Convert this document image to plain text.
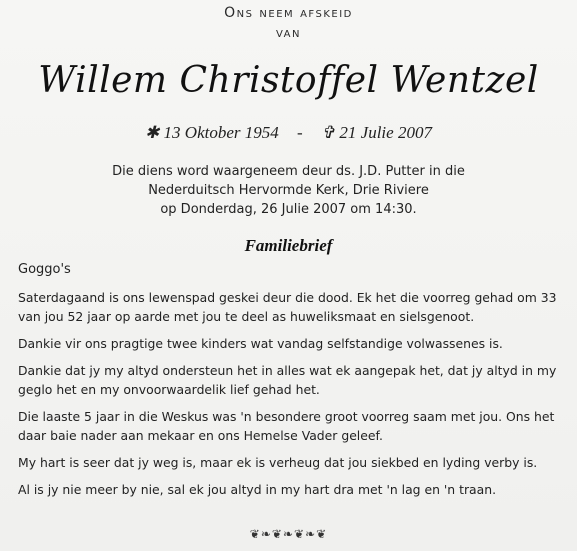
Ons neem afskeid
van
Willem Christoffel Wentzel
✱ 13 Oktober 1954 - ✞ 21 Julie 2007
Die diens word waargeneem deur ds. J.D. Putter in die
Nederduitsch Hervormde Kerk, Drie Riviere
op Donderdag, 26 Julie 2007 om 14:30.
Familiebrief
Goggo's

Saterdagaand is ons lewenspad geskei deur die dood. Ek het die voorreg gehad om 33 van jou 52 jaar op aarde met jou te deel as huweliksmaat en sielsgenoot.

Dankie vir ons pragtige twee kinders wat vandag selfstandige volwassenes is.

Dankie dat jy my altyd ondersteun het in alles wat ek aangepak het, dat jy altyd in my geglo het en my onvoorwaardelik lief gehad het.

Die laaste 5 jaar in die Weskus was 'n besondere groot voorreg saam met jou. Ons het daar baie nader aan mekaar en ons Hemelse Vader geleef.

My hart is seer dat jy weg is, maar ek is verheug dat jou siekbed en lyding verby is.

Al is jy nie meer by nie, sal ek jou altyd in my hart dra met 'n lag en 'n traan.

❦❧❦❧❦❧❦
